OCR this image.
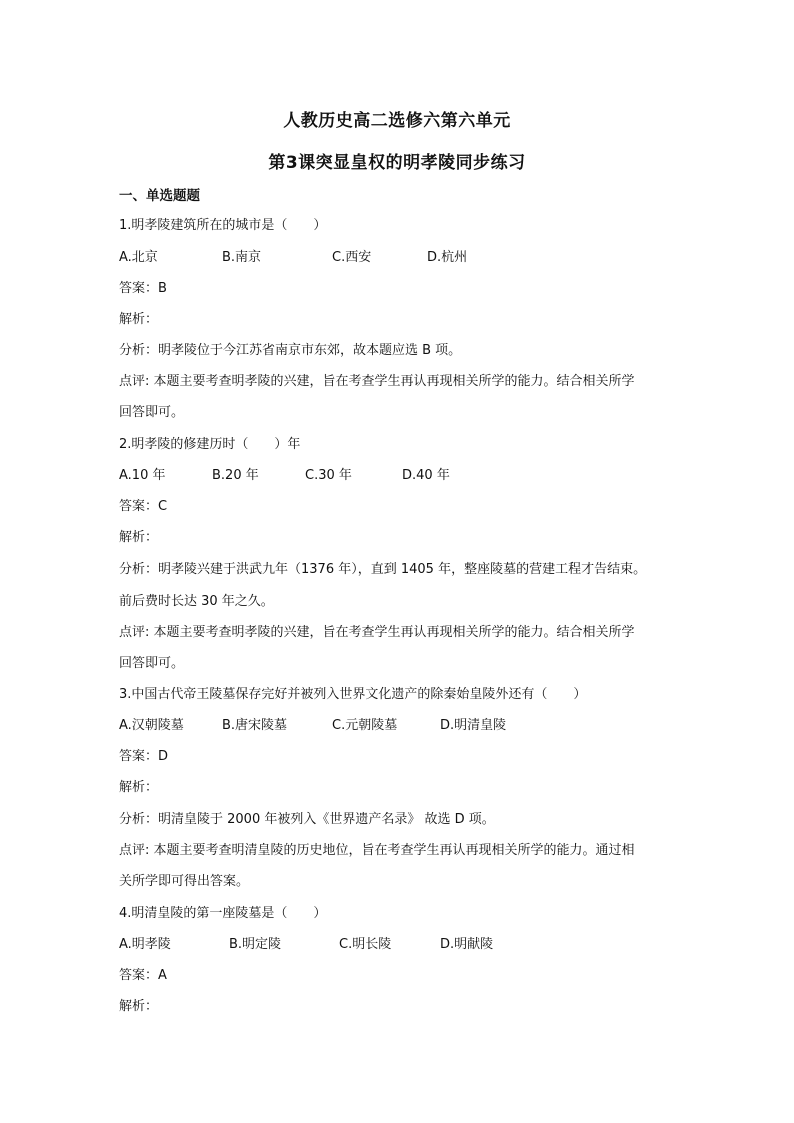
人教历史高二选修六第六单元
第3课突显皇权的明孝陵同步练习
一、单选题题
1.明孝陵建筑所在的城市是（　　）
A.北京	B.南京	C.西安	D.杭州
答案：B
解析：
分析：明孝陵位于今江苏省南京市东郊，故本题应选 B 项。
点评: 本题主要考查明孝陵的兴建，旨在考查学生再认再现相关所学的能力。结合相关所学
回答即可。
2.明孝陵的修建历时（　　）年
A.10 年	B.20 年	C.30 年	D.40 年
答案：C
解析：
分析：明孝陵兴建于洪武九年（1376 年），直到 1405 年，整座陵墓的营建工程才告结束。
前后费时长达 30 年之久。
点评: 本题主要考查明孝陵的兴建，旨在考查学生再认再现相关所学的能力。结合相关所学
回答即可。
3.中国古代帝王陵墓保存完好并被列入世界文化遗产的除秦始皇陵外还有（　　）
A.汉朝陵墓	B.唐宋陵墓	C.元朝陵墓	D.明清皇陵
答案：D
解析：
分析：明清皇陵于 2000 年被列入《世界遗产名录》 故选 D 项。
点评: 本题主要考查明清皇陵的历史地位，旨在考查学生再认再现相关所学的能力。通过相
关所学即可得出答案。
4.明清皇陵的第一座陵墓是（　　）
A.明孝陵	B.明定陵	C.明长陵	D.明献陵
答案：A
解析：
